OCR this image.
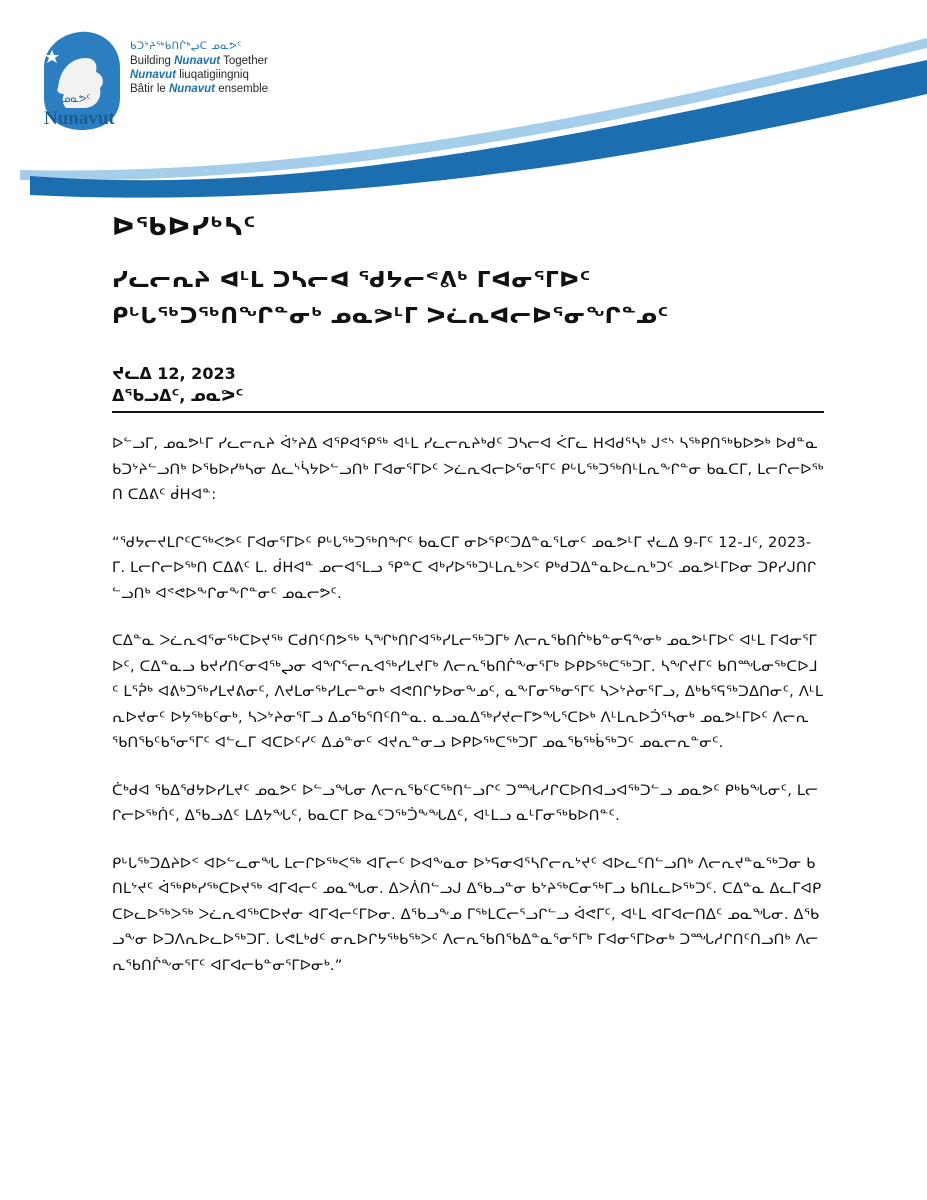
ᓄᓇᕗᑦ
Nunavut
ᑲᑐᔾᔨᖅᑲᑎᒌᒃᖢᑕ ᓄᓇᕗᑦ
Building Nunavut Together
Nunavut liuqatigiingniq
Bâtir le Nunavut ensemble
ᐅᖃᐅᓯᒃᓴᑦ
ᓯᓚᓕᕆᔨ ᐊᒻᒪ ᑐᓴᓕᐊ ᖁᔭᓕᕝᕕᒃ ᒥᐊᓂᕐᒥᐅᑦ
ᑭᒡᒐᖅᑐᖅᑎᖏᓐᓂᒃ ᓄᓇᕗᒻᒥ ᐳᓛᕆᐊᓕᐅᕐᓂᖏᓐᓄᑦ
ᔪᓚᐃ 12, 2023
ᐃᖃᓗᐃᑦ, ᓄᓇᕗᑦ

ᐅᓪᓗᒥ, ᓄᓇᕗᒻᒥ ᓯᓚᓕᕆᔨ ᐋᔾᔨᐃ ᐊᕿᐊᕿᖅ ᐊᒻᒪ ᓯᓚᓕᕆᔨᒃᑯᑦ ᑐᓴᓕᐊ ᐹᒥᓚ ᕼᐊᑯᕐᓴᒃ ᒍᕝᔅ ᓴᖅᑭᑎᖅᑲᐅᕗᒃ ᐅᑯᓐᓇ ᑲᑐᔾᔨᓪᓗᑎᒃ ᐅᖃᐅᓯᒃᓴᓂ ᐃᓚᔅᓵᔭᐅᓪᓗᑎᒃ ᒥᐊᓂᕐᒥᐅᑦ ᐳᓛᕆᐊᓕᐅᕐᓂᕐᒥᑦ ᑭᒡᒐᖅᑐᖅᑎᒻᒪᕆᖕᒋᓐᓂ ᑲᓇᑕᒥ, ᒪᓕᒋᓕᐅᖅᑎ ᑕᐃᕕᑦ ᑰᕼᐊᓐ:

“ᖁᔭᓕᔪᒪᒋᑦᑕᖅᐸᕗᑦ ᒥᐊᓂᕐᒥᐅᑦ ᑭᒡᒐᖅᑐᖅᑎᖏᑦ ᑲᓇᑕᒥ ᓂᐅᕿᑦᑐᐃᓐᓇᕐᒪᓂᑦ ᓄᓇᕗᒻᒥ ᔪᓚᐃ 9-ᒥᑦ 12-ᒧᑦ, 2023-ᒥ. ᒪᓕᒋᓕᐅᖅᑎ ᑕᐃᕕᑦ ᒪ. ᑰᕼᐊᓐ ᓄᓕᐊᕐᒪᓗ ᕿᓐᑕ ᐊᒃᓯᐅᖅᑐᒻᒪᕆᒃᐳᑦ ᑭᒃᑯᑐᐃᓐᓇᐅᓚᕆᒃᑐᑦ ᓄᓇᕗᒻᒥᐅᓂ ᑐᑭᓯᒍᑎᒋᓪᓗᑎᒃ ᐊᕝᕙᐅᖕᒋᓂᖕᒋᓐᓂᑦ ᓄᓇᓕᕗᑦ.

ᑕᐃᓐᓇ ᐳᓛᕆᐊᕐᓂᖅᑕᐅᔪᖅ ᑕᑯᑎᑦᑎᕗᖅ ᓴᖏᒃᑎᒋᐊᖅᓯᒪᓕᖅᑐᒥᒃ ᐱᓕᕆᖃᑎᒌᒃᑲᓐᓂᕋᖕᓂᒃ ᓄᓇᕗᒻᒥᐅᑦ ᐊᒻᒪ ᒥᐊᓂᕐᒥᐅᑦ, ᑕᐃᓐᓇᓗ ᑲᔪᓯᑎᑦᓂᐊᖅᖢᓂ ᐊᖏᕐᓕᕆᐊᖅᓯᒪᔪᒥᒃ ᐱᓕᕆᖃᑎᒌᖕᓂᕐᒥᒃ ᐅᑭᐅᖅᑕᖅᑐᒥ. ᓴᖏᔪᒥᑦ ᑲᑎᙵᓂᖅᑕᐅᒧᑦ ᒪᕐᕉᒃ ᐊᕕᒃᑐᖅᓯᒪᔪᕕᓂᑦ, ᐱᔪᒪᓂᖅᓯᒪᓕᓐᓂᒃ ᐊᕙᑎᒋᔭᐅᓂᖕᓄᑦ, ᓇᖕᒥᓂᖅᓂᕐᒥᑦ ᓴᐳᔾᔨᓂᕐᒥᓗ, ᐃᒃᑲᕐᕋᖅᑐᐃᑎᓂᑦ, ᐱᒻᒪᕆᐅᔪᓂᑦ ᐅᔭᖅᑲᑦᓂᒃ, ᓴᐳᔾᔨᓂᕐᒥᓗ ᐃᓄᖃᕐᑎᑦᑎᓐᓇ. ᓇᓗᓇᐃᖅᓯᔪᓕᒥᕗᖓᕐᑕᐅᒃ ᐱᒻᒪᕆᐅᑑᕐᓴᓂᒃ ᓄᓇᕗᒻᒥᐅᑦ ᐱᓕᕆᖃᑎᖃᑦᑲᕐᓂᕐᒥᑦ ᐊᓪᓚᒥ ᐊᑕᐅᑦᓯᑦ ᐃᓅᓐᓂᑦ ᐊᔪᕆᓐᓂᓗ ᐅᑭᐅᖅᑕᖅᑐᒥ ᓄᓇᖃᖅᑳᖅᑐᑦ ᓄᓇᓕᕆᓐᓂᑦ.

ᑖᒃᑯᐊ ᖃᐃᖁᔭᐅᓯᒪᔪᑦ ᓄᓇᕗᑦ ᐅᓪᓗᖓᓂ ᐱᓕᕆᖃᑦᑕᖅᑎᓪᓗᒋᑦ ᑐᙵᓱᒋᑕᐅᑎᐊᓗᐊᖅᑐᓪᓗ ᓄᓇᕗᑦ ᑭᒃᑲᖓᓂᑦ, ᒪᓕᒋᓕᐅᖅᑏᑦ, ᐃᖃᓗᐃᑦ ᒪᐃᔭᖓᑦ, ᑲᓇᑕᒥ ᐅᓇᑦᑐᖅᑑᖕᖓᐃᑦ, ᐊᒻᒪᓗ ᓇᒻᒥᓂᖅᑲᐅᑎᓐᑦ.

ᑭᒡᒐᖅᑐᐃᔨᐅᑉ ᐊᐅᓪᓚᓂᖓ ᒪᓕᒋᐅᖅᐸᖅ ᐊᒥᓕᑦ ᐅᐊᖕᓇᓂ ᐅᔾᕋᓂᐊᕐᓴᒋᓕᕆᔾᔪᑦ ᐊᐅᓚᑦᑎᓪᓗᑎᒃ ᐱᓕᕆᔪᓐᓇᖅᑐᓂ ᑲᑎᒪᔾᔪᑦ ᐋᖅᑭᒃᓯᖅᑕᐅᔪᖅ ᐊᒥᐊᓕᑦ ᓄᓇᖓᓂ. ᐃᐳᐲᑎᓪᓗᒍ ᐃᖃᓗᓐᓂ ᑲᔾᔨᖅᑕᓂᖅᒥᓗ ᑲᑎᒪᓚᐅᖅᑐᑦ. ᑕᐃᓐᓇ ᐃᓚᒥᐊᑭᑕᐅᓚᐅᖅᐳᖅ ᐳᓛᕆᐊᖅᑕᐅᔪᓂ ᐊᒥᐊᓕᑦᒥᐅᓂ. ᐃᖃᓗᖕᓄ ᒥᖅᒪᑕᓕᕐᓗᒋᓪᓗ ᐋᕙᒥᑦ, ᐊᒻᒪ ᐊᒥᐊᓕᑎᐃᑦ ᓄᓇᖓᓂ. ᐃᖃᓗᖕᓂ ᐅᑐᐱᕆᐅᓚᐅᖅᑐᒥ. ᒐᕙᒪᒃᑯᑦ ᓂᕆᐅᒋᔭᖅᑲᖅᐳᑦ ᐱᓕᕆᖃᑎᖃᐃᓐᓇᕐᓂᕐᒥᒃ ᒥᐊᓂᕐᒥᐅᓂᒃ ᑐᙵᓱᒋᑎᑦᑎᓗᑎᒃ ᐱᓕᕆᖃᑎᒌᖕᓂᕐᒥᑦ ᐊᒥᐊᓕᑲᓐᓂᕐᒥᐅᓂᒃ.”
